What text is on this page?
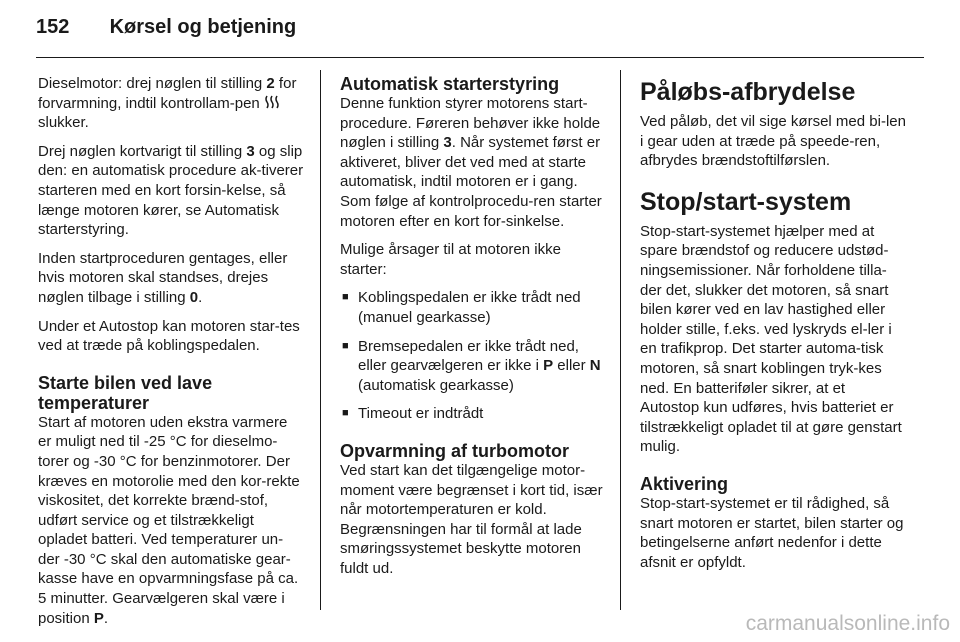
152 Kørsel og betjening

Dieselmotor: drej nøglen til stilling 2 for forvarmning, indtil kontrollam-pen  slukker.

Drej nøglen kortvarigt til stilling 3 og slip den: en automatisk procedure ak-tiverer starteren med en kort forsin-kelse, så længe motoren kører, se Automatisk starterstyring.

Inden startproceduren gentages, eller hvis motoren skal standses, drejes nøglen tilbage i stilling 0.

Under et Autostop kan motoren star-tes ved at træde på koblingspedalen.

Starte bilen ved lave temperaturer

Start af motoren uden ekstra varmere er muligt ned til -25 °C for dieselmo-torer og -30 °C for benzinmotorer. Der kræves en motorolie med den kor-rekte viskositet, det korrekte brænd-stof, udført service og et tilstrækkeligt opladet batteri. Ved temperaturer un-der -30 °C skal den automatiske gear-kasse have en opvarmningsfase på ca. 5 minutter. Gearvælgeren skal være i position P.

Automatisk starterstyring

Denne funktion styrer motorens start-procedure. Føreren behøver ikke holde nøglen i stilling 3. Når systemet først er aktiveret, bliver det ved med at starte automatisk, indtil motoren er i gang. Som følge af kontrolprocedu-ren starter motoren efter en kort for-sinkelse.

Mulige årsager til at motoren ikke starter:

■ Koblingspedalen er ikke trådt ned (manuel gearkasse)
■ Bremsepedalen er ikke trådt ned, eller gearvælgeren er ikke i P eller N (automatisk gearkasse)
■ Timeout er indtrådt
Opvarmning af turbomotor

Ved start kan det tilgængelige motor-moment være begrænset i kort tid, især når motortemperaturen er kold. Begrænsningen har til formål at lade smøringssystemet beskytte motoren fuldt ud.

Påløbs-afbrydelse

Ved påløb, det vil sige kørsel med bi-len i gear uden at træde på speede-ren, afbrydes brændstoftilførslen.

Stop/start-system

Stop-start-systemet hjælper med at spare brændstof og reducere udstød-ningsemissioner. Når forholdene tilla-der det, slukker det motoren, så snart bilen kører ved en lav hastighed eller holder stille, f.eks. ved lyskryds el-ler i en trafikprop. Det starter automa-tisk motoren, så snart koblingen tryk-kes ned. En batteriføler sikrer, at et Autostop kun udføres, hvis batteriet er tilstrækkeligt opladet til at gøre genstart mulig.

Aktivering

Stop-start-systemet er til rådighed, så snart motoren er startet, bilen starter og betingelserne anført nedenfor i dette afsnit er opfyldt.

carmanualsonline.info
